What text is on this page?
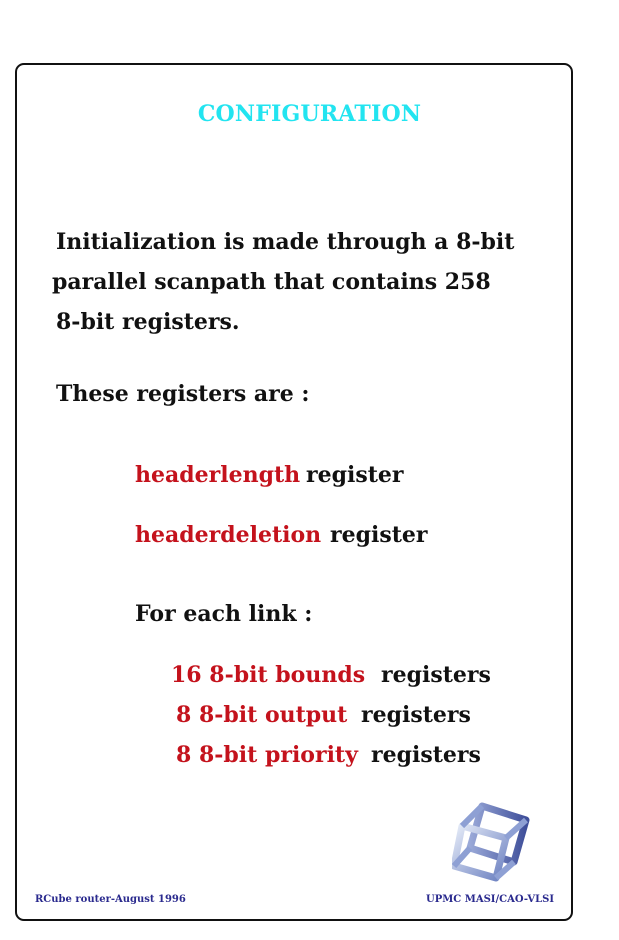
CONFIGURATION
Initialization is made through a 8-bit
parallel scanpath that contains 258
8-bit registers.
These registers are :
headerlength register
headerdeletion register
For each link :
16 8-bit bounds registers
8 8-bit output registers
8 8-bit priority registers
RCube router-August 1996	UPMC MASI/CAO-VLSI
